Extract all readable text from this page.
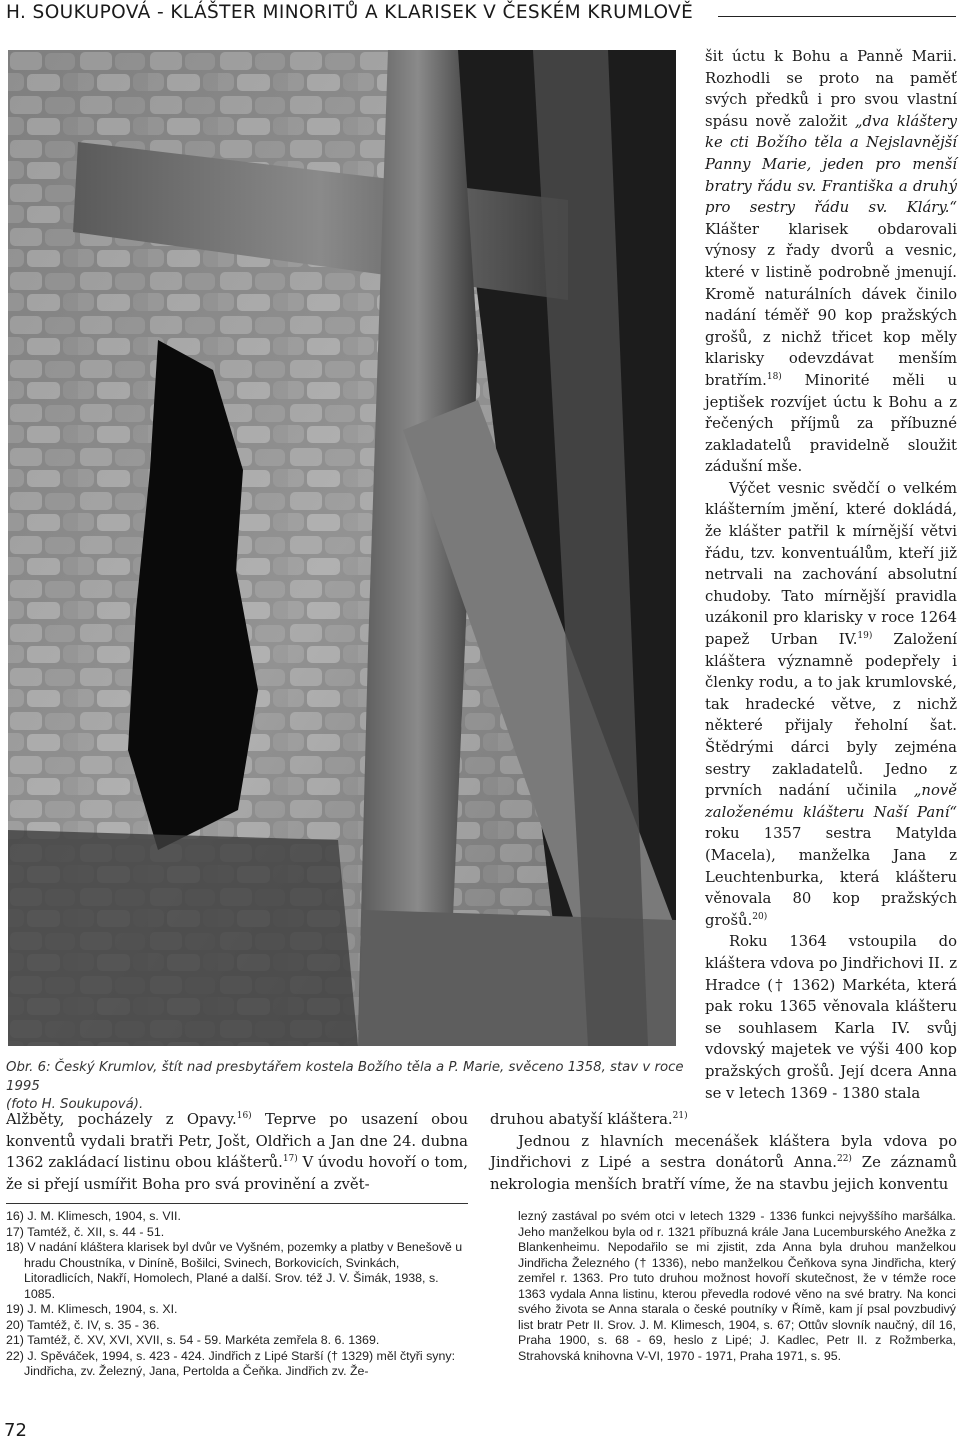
H. SOUKUPOVÁ - KLÁŠTER MINORITŮ A KLARISEK V ČESKÉM KRUMLOVĚ
Obr. 6: Český Krumlov, štít nad presbytářem kostela Božího těla a P. Marie, svěceno 1358, stav v roce 1995
(foto H. Soukupová).

šit úctu k Bohu a Panně Marii. Rozhodli se proto na paměť svých předků i pro svou vlastní spásu nově založit „dva kláštery ke cti Božího těla a Nejslavnější Panny Marie, jeden pro menší bratry řádu sv. Františka a druhý pro sestry řádu sv. Kláry.“ Klášter klarisek obdarovali výnosy z řady dvorů a vesnic, které v listině podrobně jmenují. Kromě naturálních dávek činilo nadání téměř 90 kop pražských grošů, z nichž třicet kop měly klarisky odevzdávat menším bratřím.$^{18)}$ Minorité měli u jeptišek rozvíjet úctu k Bohu a z řečených příjmů za příbuzné zakladatelů pravidelně sloužit zádušní mše.

Výčet vesnic svědčí o velkém klášterním jmění, které dokládá, že klášter patřil k mírnější větvi řádu, tzv. konventuálům, kteří již netrvali na zachování absolutní chudoby. Tato mírnější pravidla uzákonil pro klarisky v roce 1264 papež Urban IV.$^{19)}$ Založení kláštera významně podepřely i členky rodu, a to jak krumlovské, tak hradecké větve, z nichž některé přijaly řeholní šat. Štědrými dárci byly zejména sestry zakladatelů. Jedno z prvních nadání učinila „nově založenému klášteru Naší Paní“ roku 1357 sestra Matylda (Macela), manželka Jana z Leuchtenburka, která klášteru věnovala 80 kop pražských grošů.$^{20)}$

Roku 1364 vstoupila do kláštera vdova po Jindřichovi II. z Hradce († 1362) Markéta, která pak roku 1365 věnovala klášteru se souhlasem Karla IV. svůj vdovský majetek ve výši 400 kop pražských grošů. Její dcera Anna se v letech 1369 - 1380 stala

Alžběty, pocházely z Opavy.$^{16)}$ Teprve po usazení obou konventů vydali bratři Petr, Jošt, Oldřich a Jan dne 24. dubna 1362 zakládací listinu obou klášterů.$^{17)}$ V úvodu hovoří o tom, že si přejí usmířit Boha pro svá provinění a zvět-

druhou abatyší kláštera.$^{21)}$

Jednou z hlavních mecenášek kláštera byla vdova po Jindřichovi z Lipé a sestra donátorů Anna.$^{22)}$ Ze záznamů nekrologia menších bratří víme, že na stavbu jejich konventu

16) J. M. Klimesch, 1904, s. VII.

17) Tamtéž, č. XII, s. 44 - 51.

18) V nadání kláštera klarisek byl dvůr ve Vyšném, pozemky a platby v Benešově u hradu Choustníka, v Diníně, Bošilci, Svinech, Borkovicích, Svinkách, Litoradlicích, Nakří, Homolech, Plané a další. Srov. též J. V. Šimák, 1938, s. 1085.

19) J. M. Klimesch, 1904, s. XI.

20) Tamtéž, č. IV, s. 35 - 36.

21) Tamtéž, č. XV, XVI, XVII, s. 54 - 59. Markéta zemřela 8. 6. 1369.

22) J. Spěváček, 1994, s. 423 - 424. Jindřich z Lipé Starší († 1329) měl čtyři syny: Jindřicha, zv. Železný, Jana, Pertolda a Čeňka. Jindřich zv. Že-

lezný zastával po svém otci v letech 1329 - 1336 funkci nejvyššího maršálka. Jeho manželkou byla od r. 1321 příbuzná krále Jana Lucemburského Anežka z Blankenheimu. Nepodařilo se mi zjistit, zda Anna byla druhou manželkou Jindřicha Železného († 1336), nebo manželkou Čeňkova syna Jindřicha, který zemřel r. 1363. Pro tuto druhou možnost hovoří skutečnost, že v témže roce 1363 vydala Anna listinu, kterou převedla rodové věno na své bratry. Na konci svého života se Anna starala o české poutníky v Římě, kam jí psal povzbudivý list bratr Petr II. Srov. J. M. Klimesch, 1904, s. 67; Ottův slovník naučný, díl 16, Praha 1900, s. 68 - 69, heslo z Lipé; J. Kadlec, Petr II. z Rožmberka, Strahovská knihovna V-VI, 1970 - 1971, Praha 1971, s. 95.
72
